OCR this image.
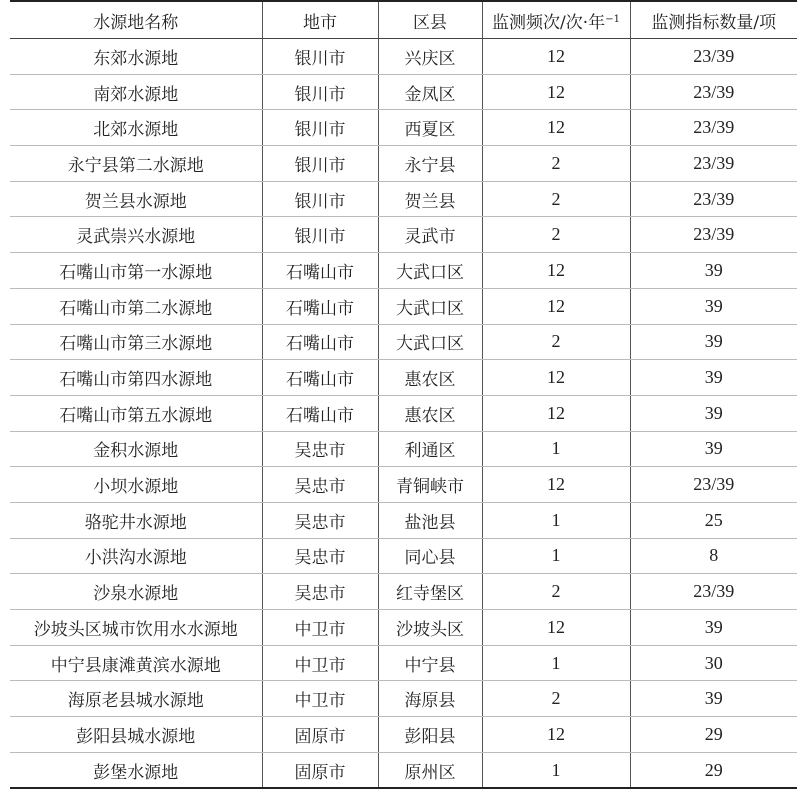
水源地名称	地市	区县	监测频次/次·年$^{-1}$	监测指标数量/项
东郊水源地	银川市	兴庆区	12	23/39
南郊水源地	银川市	金凤区	12	23/39
北郊水源地	银川市	西夏区	12	23/39
永宁县第二水源地	银川市	永宁县	2	23/39
贺兰县水源地	银川市	贺兰县	2	23/39
灵武崇兴水源地	银川市	灵武市	2	23/39
石嘴山市第一水源地	石嘴山市	大武口区	12	39
石嘴山市第二水源地	石嘴山市	大武口区	12	39
石嘴山市第三水源地	石嘴山市	大武口区	2	39
石嘴山市第四水源地	石嘴山市	惠农区	12	39
石嘴山市第五水源地	石嘴山市	惠农区	12	39
金积水源地	吴忠市	利通区	1	39
小坝水源地	吴忠市	青铜峡市	12	23/39
骆驼井水源地	吴忠市	盐池县	1	25
小洪沟水源地	吴忠市	同心县	1	8
沙泉水源地	吴忠市	红寺堡区	2	23/39
沙坡头区城市饮用水水源地	中卫市	沙坡头区	12	39
中宁县康滩黄滨水源地	中卫市	中宁县	1	30
海原老县城水源地	中卫市	海原县	2	39
彭阳县城水源地	固原市	彭阳县	12	29
彭堡水源地	固原市	原州区	1	29
